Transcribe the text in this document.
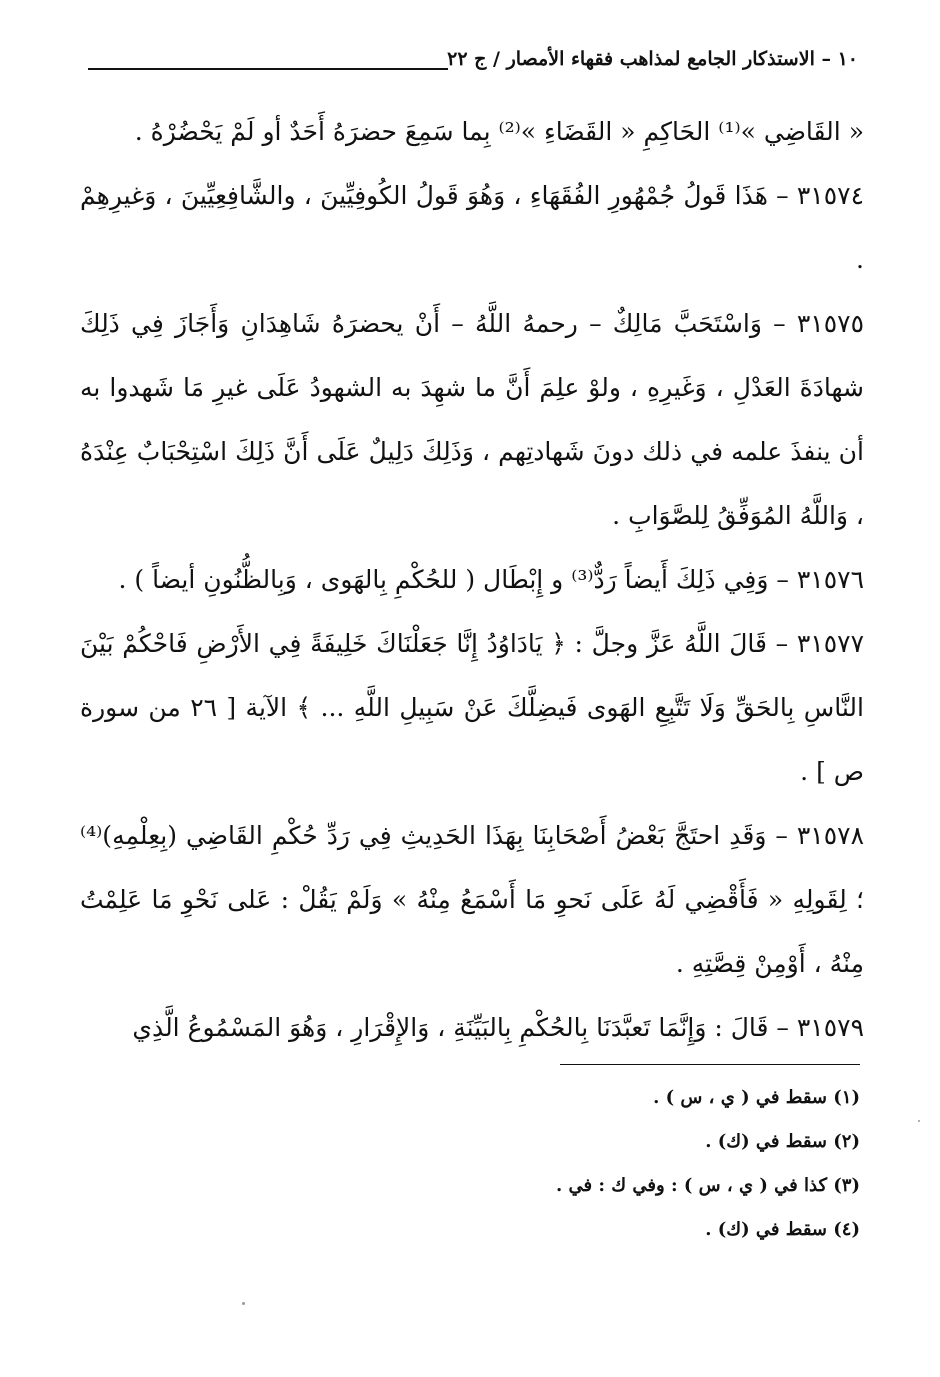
١٠ – الاستذكار الجامع لمذاهب فقهاء الأمصار / ج ٢٢

« القَاضِي »⁽¹⁾ الحَاكِمِ « القَضَاءِ »⁽²⁾ بِما سَمِعَ حضرَهُ أَحَدٌ أو لَمْ يَحْضُرْهُ .

٣١٥٧٤ – هَذَا قَولُ جُمْهُورِ الفُقَهَاءِ ، وَهُوَ قَولُ الكُوفِيِّينَ ، والشَّافِعِيِّينَ ، وَغيرِهِمْ .

٣١٥٧٥ – وَاسْتَحَبَّ مَالِكٌ – رحمهُ اللَّهُ – أَنْ يحضرَهُ شَاهِدَانِ وَأَجَازَ فِي ذَلِكَ شهادَةَ العَدْلِ ، وَغَيرِهِ ، ولوْ علِمَ أَنَّ ما شهِدَ به الشهودُ عَلَى غيرِ مَا شَهدوا به أن ينفذَ علمه في ذلك دونَ شَهادتِهم ، وَذَلِكَ دَلِيلٌ عَلَى أَنَّ ذَلِكَ اسْتِحْبَابٌ عِنْدَهُ ، وَاللَّهُ المُوَفِّقُ لِلصَّوَابِ .

٣١٥٧٦ – وَفِي ذَلِكَ أَيضاً رَدٌّ⁽³⁾ و إِبْطَال ( للحُكْمِ بِالهَوى ، وَبِالظُّنُونِ أيضاً ) .

٣١٥٧٧ – قَالَ اللَّهُ عَزَّ وجلَّ : ﴿ يَادَاوُدُ إِنَّا جَعَلْنَاكَ خَلِيفَةً فِي الأَرْضِ فَاحْكُمْ بَيْنَ النَّاسِ بِالحَقِّ وَلَا تَتَّبِعِ الهَوى فَيضِلَّكَ عَنْ سَبِيلِ اللَّهِ ... ﴾ الآية [ ٢٦ من سورة ص ] .

٣١٥٧٨ – وَقَدِ احتَجَّ بَعْضُ أَصْحَابِنَا بِهَذَا الحَدِيثِ فِي رَدِّ حُكْمِ القَاضِي (بِعِلْمِهِ)⁽⁴⁾ ؛ لِقَولِهِ « فَأَقْضِي لَهُ عَلَى نَحوِ مَا أَسْمَعُ مِنْهُ » وَلَمْ يَقُلْ : عَلى نَحْوِ مَا عَلِمْتُ مِنْهُ ، أَوْمِنْ قِصَّتِهِ .

٣١٥٧٩ – قَالَ : وَإِنَّمَا تَعبَّدَنَا بِالحُكْمِ بِالبَيِّنَةِ ، وَالإِقْرَارِ ، وَهُوَ المَسْمُوعُ الَّذِي

(١) سقط في ( ي ، س ) .

(٢) سقط في (ك) .

(٣) كذا في ( ي ، س ) : وفي ك : في .

(٤) سقط في (ك) .
